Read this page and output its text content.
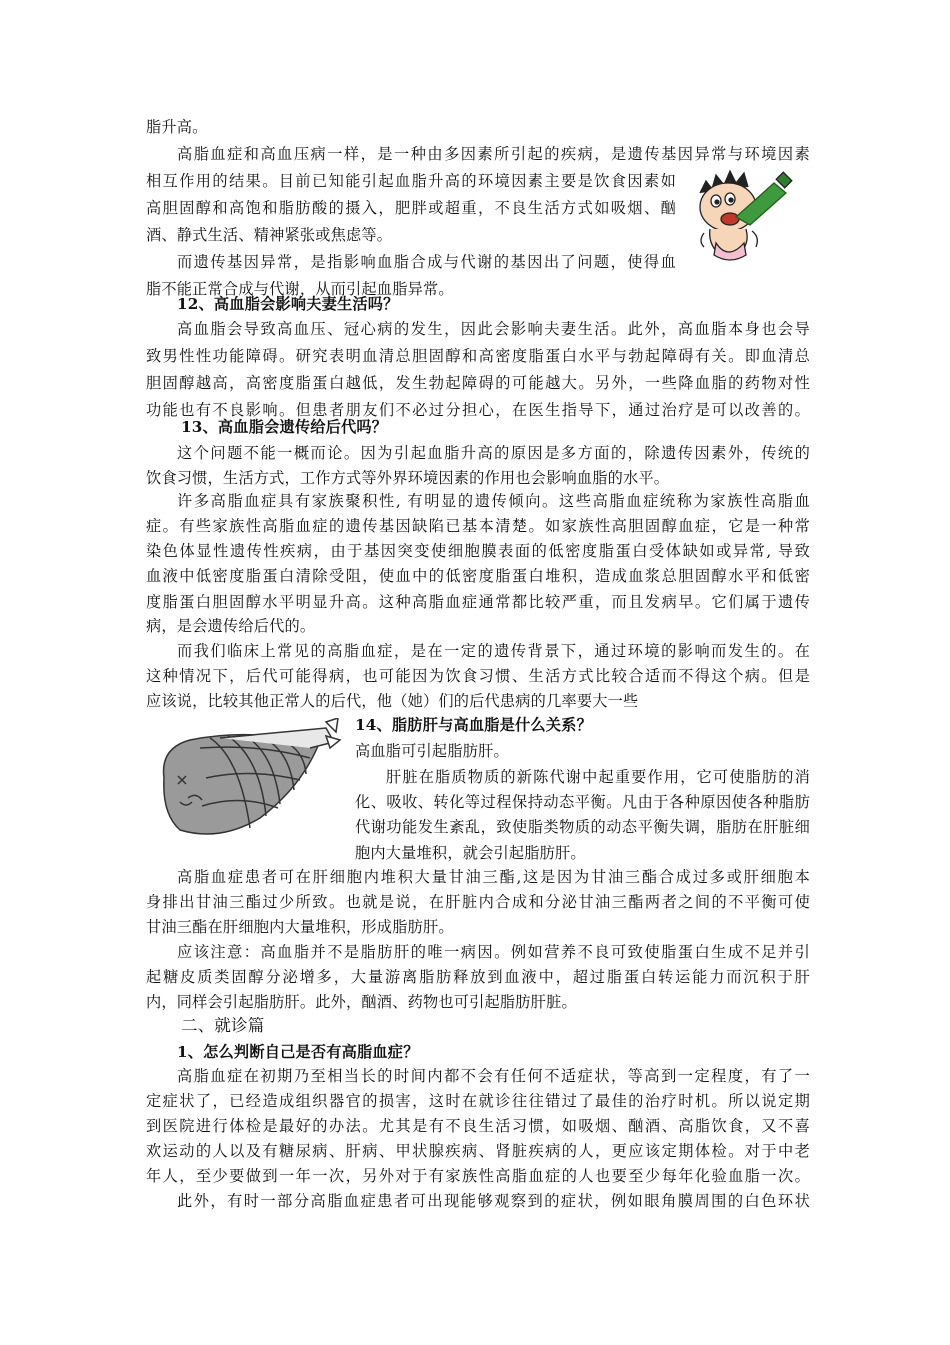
脂升高。
高脂血症和高血压病一样，是一种由多因素所引起的疾病，是遗传基因异常与环境因素
相互作用的结果。目前已知能引起血脂升高的环境因素主要是饮食因素如
高胆固醇和高饱和脂肪酸的摄入，肥胖或超重，不良生活方式如吸烟、酗
酒、静式生活、精神紧张或焦虑等。
而遗传基因异常，是指影响血脂合成与代谢的基因出了问题，使得血
脂不能正常合成与代谢，从而引起血脂异常。
12、高血脂会影响夫妻生活吗？
高血脂会导致高血压、冠心病的发生，因此会影响夫妻生活。此外，高血脂本身也会导
致男性性功能障碍。研究表明血清总胆固醇和高密度脂蛋白水平与勃起障碍有关。即血清总
胆固醇越高，高密度脂蛋白越低，发生勃起障碍的可能越大。另外，一些降血脂的药物对性
功能也有不良影响。但患者朋友们不必过分担心，在医生指导下，通过治疗是可以改善的。
13、高血脂会遗传给后代吗？
这个问题不能一概而论。因为引起血脂升高的原因是多方面的，除遗传因素外，传统的
饮食习惯，生活方式，工作方式等外界环境因素的作用也会影响血脂的水平。
许多高脂血症具有家族聚积性, 有明显的遗传倾向。这些高脂血症统称为家族性高脂血
症。有些家族性高脂血症的遗传基因缺陷已基本清楚。如家族性高胆固醇血症，它是一种常
染色体显性遗传性疾病，由于基因突变使细胞膜表面的低密度脂蛋白受体缺如或异常, 导致
血液中低密度脂蛋白清除受阻，使血中的低密度脂蛋白堆积，造成血浆总胆固醇水平和低密
度脂蛋白胆固醇水平明显升高。这种高脂血症通常都比较严重，而且发病早。它们属于遗传
病，是会遗传给后代的。
而我们临床上常见的高脂血症，是在一定的遗传背景下，通过环境的影响而发生的。在
这种情况下，后代可能得病，也可能因为饮食习惯、生活方式比较合适而不得这个病。但是
应该说，比较其他正常人的后代，他（她）们的后代患病的几率要大一些
14、脂肪肝与高血脂是什么关系？
高血脂可引起脂肪肝。
肝脏在脂质物质的新陈代谢中起重要作用，它可使脂肪的消
化、吸收、转化等过程保持动态平衡。凡由于各种原因使各种脂肪
代谢功能发生紊乱，致使脂类物质的动态平衡失调，脂肪在肝脏细
胞内大量堆积，就会引起脂肪肝。
高脂血症患者可在肝细胞内堆积大量甘油三酯,这是因为甘油三酯合成过多或肝细胞本
身排出甘油三酯过少所致。也就是说，在肝脏内合成和分泌甘油三酯两者之间的不平衡可使
甘油三酯在肝细胞内大量堆积，形成脂肪肝。
应该注意：高血脂并不是脂肪肝的唯一病因。例如营养不良可致使脂蛋白生成不足并引
起糖皮质类固醇分泌增多，大量游离脂肪释放到血液中，超过脂蛋白转运能力而沉积于肝
内，同样会引起脂肪肝。此外，酗酒、药物也可引起脂肪肝脏。
二、就诊篇
1、怎么判断自己是否有高脂血症？
高脂血症在初期乃至相当长的时间内都不会有任何不适症状，等高到一定程度，有了一
定症状了，已经造成组织器官的损害，这时在就诊往往错过了最佳的治疗时机。所以说定期
到医院进行体检是最好的办法。尤其是有不良生活习惯，如吸烟、酗酒、高脂饮食，又不喜
欢运动的人以及有糖尿病、肝病、甲状腺疾病、肾脏疾病的人，更应该定期体检。对于中老
年人，至少要做到一年一次，另外对于有家族性高脂血症的人也要至少每年化验血脂一次。
此外，有时一部分高脂血症患者可出现能够观察到的症状，例如眼角膜周围的白色环状
